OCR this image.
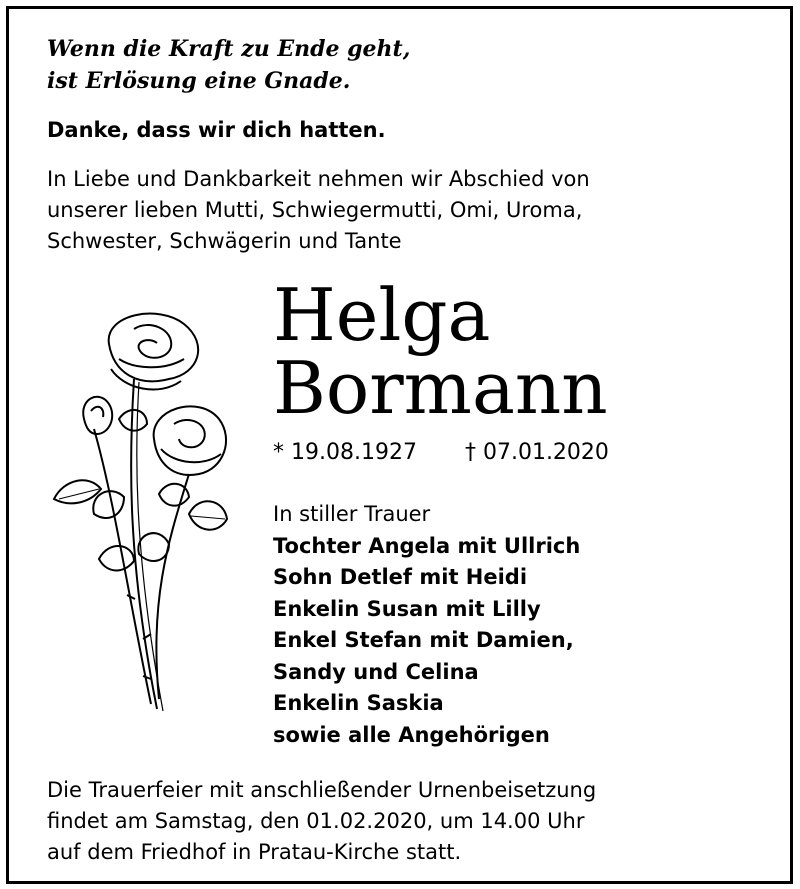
Wenn die Kraft zu Ende geht,
ist Erlösung eine Gnade.
Danke, dass wir dich hatten.
In Liebe und Dankbarkeit nehmen wir Abschied von
unserer lieben Mutti, Schwiegermutti, Omi, Uroma,
Schwester, Schwägerin und Tante
Helga
Bormann
* 19.08.1927 † 07.01.2020
In stiller Trauer
Tochter Angela mit Ullrich
Sohn Detlef mit Heidi
Enkelin Susan mit Lilly
Enkel Stefan mit Damien,
Sandy und Celina
Enkelin Saskia
sowie alle Angehörigen
Die Trauerfeier mit anschließender Urnenbeisetzung
findet am Samstag, den 01.02.2020, um 14.00 Uhr
auf dem Friedhof in Pratau-Kirche statt.
